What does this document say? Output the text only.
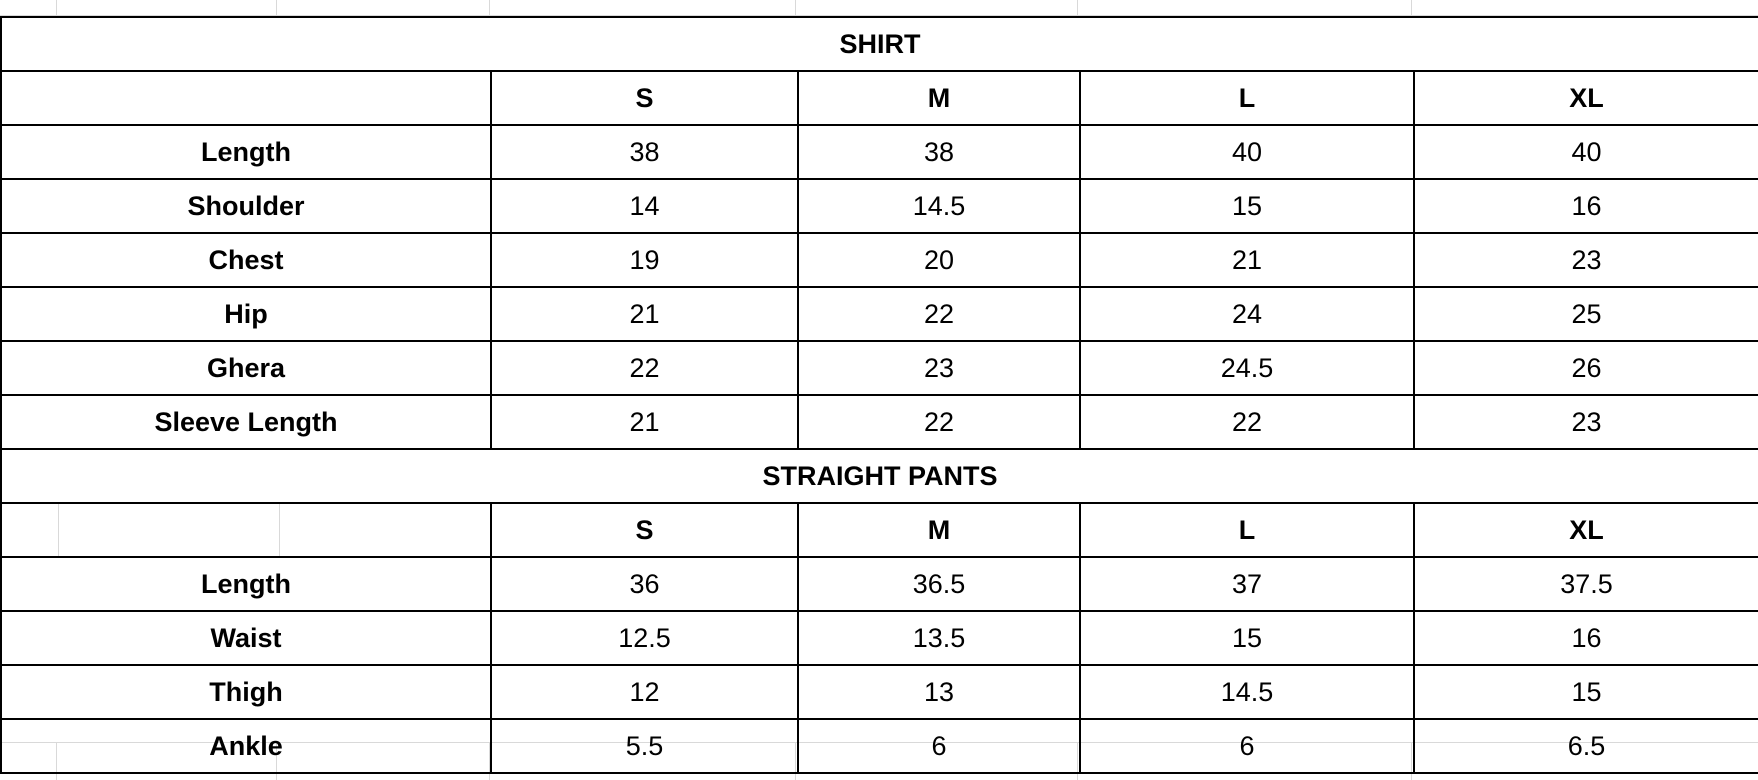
SHIRT				
	S	M	L	XL
Length	38	38	40	40
Shoulder	14	14.5	15	16
Chest	19	20	21	23
Hip	21	22	24	25
Ghera	22	23	24.5	26
Sleeve Length	21	22	22	23
STRAIGHT PANTS				

	S	M	L	XL
Length	36	36.5	37	37.5
Waist	12.5	13.5	15	16
Thigh	12	13	14.5	15
Ankle	5.5	6	6	6.5
